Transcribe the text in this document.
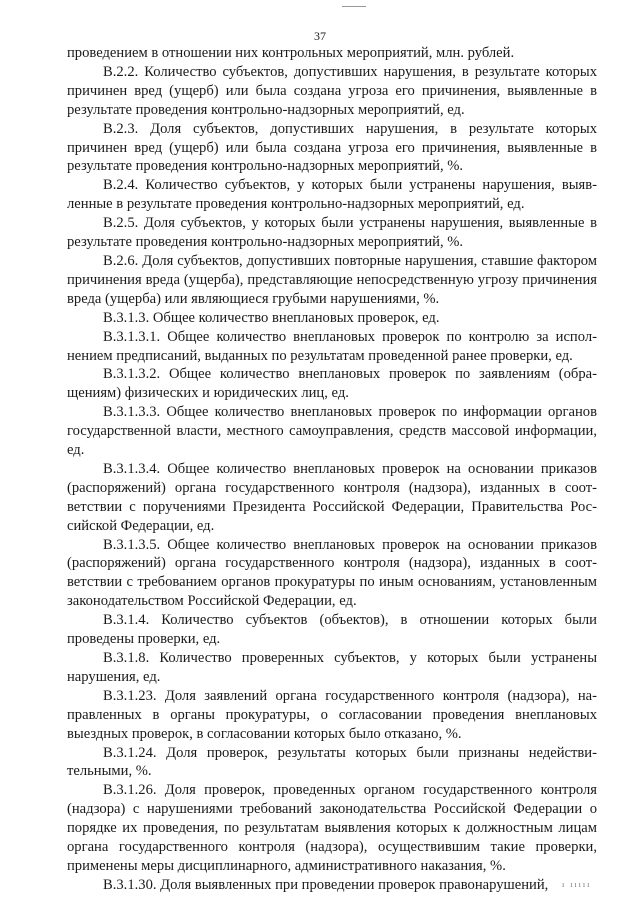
37

проведением в отношении них контрольных мероприятий, млн. рублей.

В.2.2. Количество субъектов, допустивших нарушения, в результате которых причинен вред (ущерб) или была создана угроза его причинения, выявленные в результате проведения контрольно-надзорных мероприятий, ед.

В.2.3. Доля субъектов, допустивших нарушения, в результате которых причинен вред (ущерб) или была создана угроза его причинения, выявленные в результате проведения контрольно-надзорных мероприятий, %.

В.2.4. Количество субъектов, у которых были устранены нарушения, выявленные в результате проведения контрольно-надзорных мероприятий, ед.

В.2.5. Доля субъектов, у которых были устранены нарушения, выявленные в результате проведения контрольно-надзорных мероприятий, %.

В.2.6. Доля субъектов, допустивших повторные нарушения, ставшие фактором причинения вреда (ущерба), представляющие непосредственную угрозу причинения вреда (ущерба) или являющиеся грубыми нарушениями, %.

В.3.1.3. Общее количество внеплановых проверок, ед.

В.3.1.3.1. Общее количество внеплановых проверок по контролю за исполнением предписаний, выданных по результатам проведенной ранее проверки, ед.

В.3.1.3.2. Общее количество внеплановых проверок по заявлениям (обращениям) физических и юридических лиц, ед.

В.3.1.3.3. Общее количество внеплановых проверок по информации органов государственной власти, местного самоуправления, средств массовой информации, ед.

В.3.1.3.4. Общее количество внеплановых проверок на основании приказов (распоряжений) органа государственного контроля (надзора), изданных в соответствии с поручениями Президента Российской Федерации, Правительства Российской Федерации, ед.

В.3.1.3.5. Общее количество внеплановых проверок на основании приказов (распоряжений) органа государственного контроля (надзора), изданных в соответствии с требованием органов прокуратуры по иным основаниям, установленным законодательством Российской Федерации, ед.

В.3.1.4. Количество субъектов (объектов), в отношении которых были проведены проверки, ед.

В.3.1.8. Количество проверенных субъектов, у которых были устранены нарушения, ед.

В.3.1.23. Доля заявлений органа государственного контроля (надзора), направленных в органы прокуратуры, о согласовании проведения внеплановых выездных проверок, в согласовании которых было отказано, %.

В.3.1.24. Доля проверок, результаты которых были признаны недействительными, %.

В.3.1.26. Доля проверок, проведенных органом государственного контроля (надзора) с нарушениями требований законодательства Российской Федерации о порядке их проведения, по результатам выявления которых к должностным лицам органа государственного контроля (надзора), осуществившим такие проверки, применены меры дисциплинарного, административного наказания, %.

В.3.1.30. Доля выявленных при проведении проверок правонарушений,	ı ııııı
